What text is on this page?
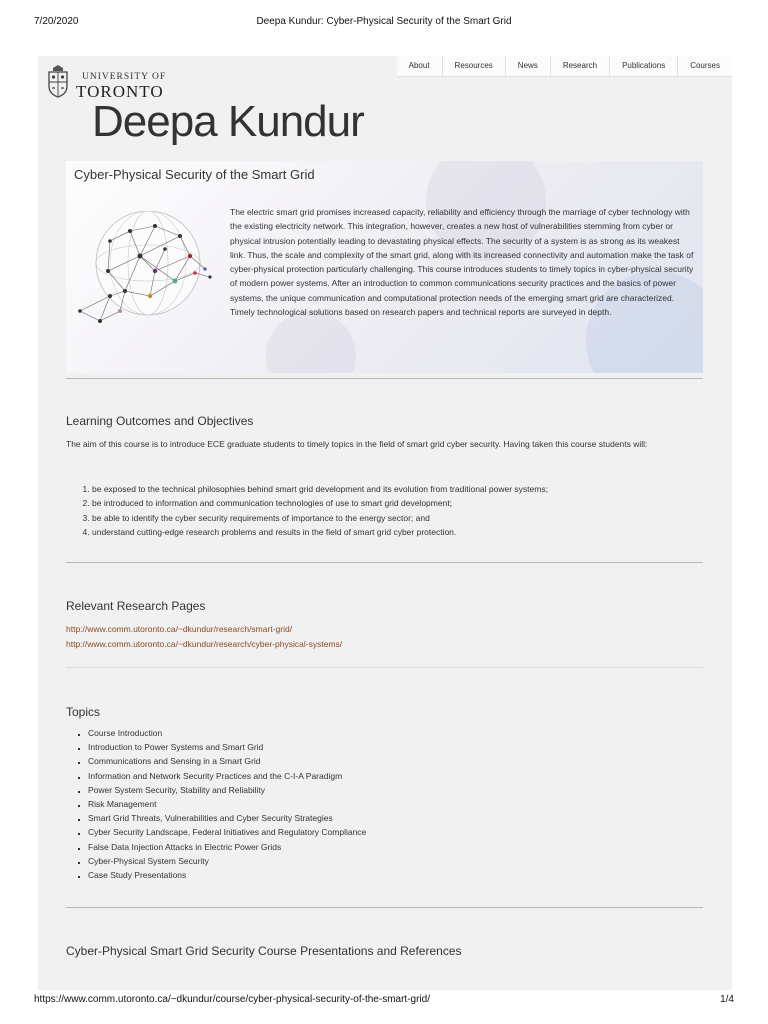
7/20/2020	Deepa Kundur: Cyber-Physical Security of the Smart Grid
UNIVERSITY OF
TORONTO
About	Resources	News	Research	Publications	Courses
Deepa Kundur
Cyber-Physical Security of the Smart Grid

The electric smart grid promises increased capacity, reliability and efficiency through the marriage of cyber technology with the existing electricity network. This integration, however, creates a new host of vulnerabilities stemming from cyber or physical intrusion potentially leading to devastating physical effects. The security of a system is as strong as its weakest link. Thus, the scale and complexity of the smart grid, along with its increased connectivity and automation make the task of cyber-physical protection particularly challenging. This course introduces students to timely topics in cyber-physical security of modern power systems. After an introduction to common communications security practices and the basics of power systems, the unique communication and computational protection needs of the emerging smart grid are characterized. Timely technological solutions based on research papers and technical reports are surveyed in depth.

Learning Outcomes and Objectives

The aim of this course is to introduce ECE graduate students to timely topics in the field of smart grid cyber security. Having taken this course students will:

1. be exposed to the technical philosophies behind smart grid development and its evolution from traditional power systems;
2. be introduced to information and communication technologies of use to smart grid development;
3. be able to identify the cyber security requirements of importance to the energy sector; and
4. understand cutting-edge research problems and results in the field of smart grid cyber protection.
Relevant Research Pages
http://www.comm.utoronto.ca/~dkundur/research/smart-grid/
http://www.comm.utoronto.ca/~dkundur/research/cyber-physical-systems/
Topics
▪ Course Introduction
▪ Introduction to Power Systems and Smart Grid
▪ Communications and Sensing in a Smart Grid
▪ Information and Network Security Practices and the C-I-A Paradigm
▪ Power System Security, Stability and Reliability
▪ Risk Management
▪ Smart Grid Threats, Vulnerabilities and Cyber Security Strategies
▪ Cyber Security Landscape, Federal Initiatives and Regulatory Compliance
▪ False Data Injection Attacks in Electric Power Grids
▪ Cyber-Physical System Security
▪ Case Study Presentations
Cyber-Physical Smart Grid Security Course Presentations and References
https://www.comm.utoronto.ca/~dkundur/course/cyber-physical-security-of-the-smart-grid/	1/4
